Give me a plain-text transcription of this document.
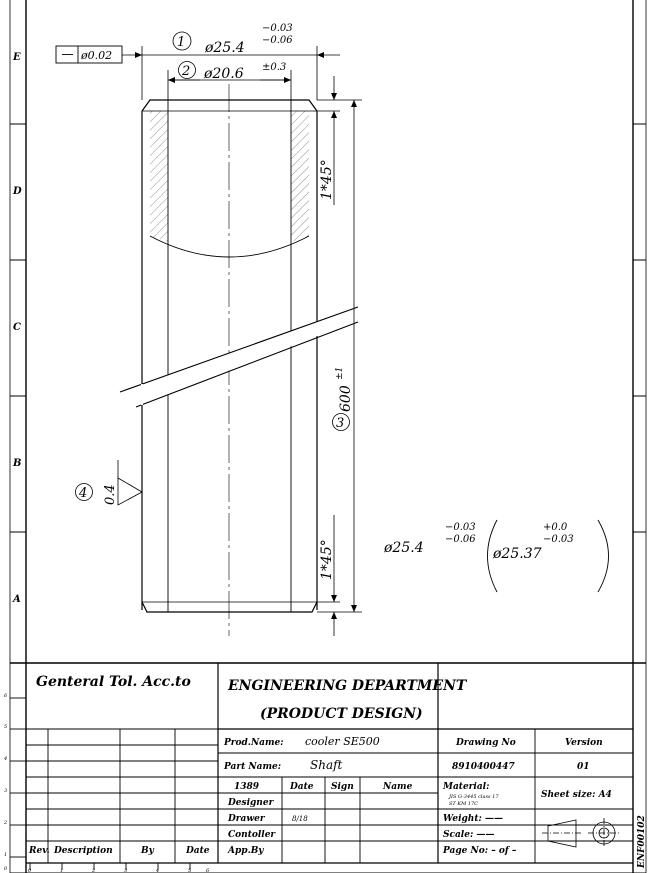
E
D
C
B
A
1 ø25.4
−0.03
−0.06
ø0.02
2 ø20.6 ±0.3
3
600
±1
1*45°
1*45°
4 0.4
ø25.4
−0.03
−0.06
ø25.37
+0.0
−0.03
Genteral Tol. Acc.to	ENGINEERING DEPARTMENT
(PRODUCT DESIGN)
Prod.Name: cooler SE500
Part Name: Shaft
Drawing No
8910400447
Version
01
1389	Date Sign	Name
Designer
Drawer	8/18
Contoller
App.By
Material:
JIS G-3445 class 17
ST KM 17C
Sheet size: A4
Weight: ——
Scale: ——
Page No: – of –
Rev. Description	By	Date	ENF00102
0	1	2	3	4	5	6
6
5
4
3
2
1
0
